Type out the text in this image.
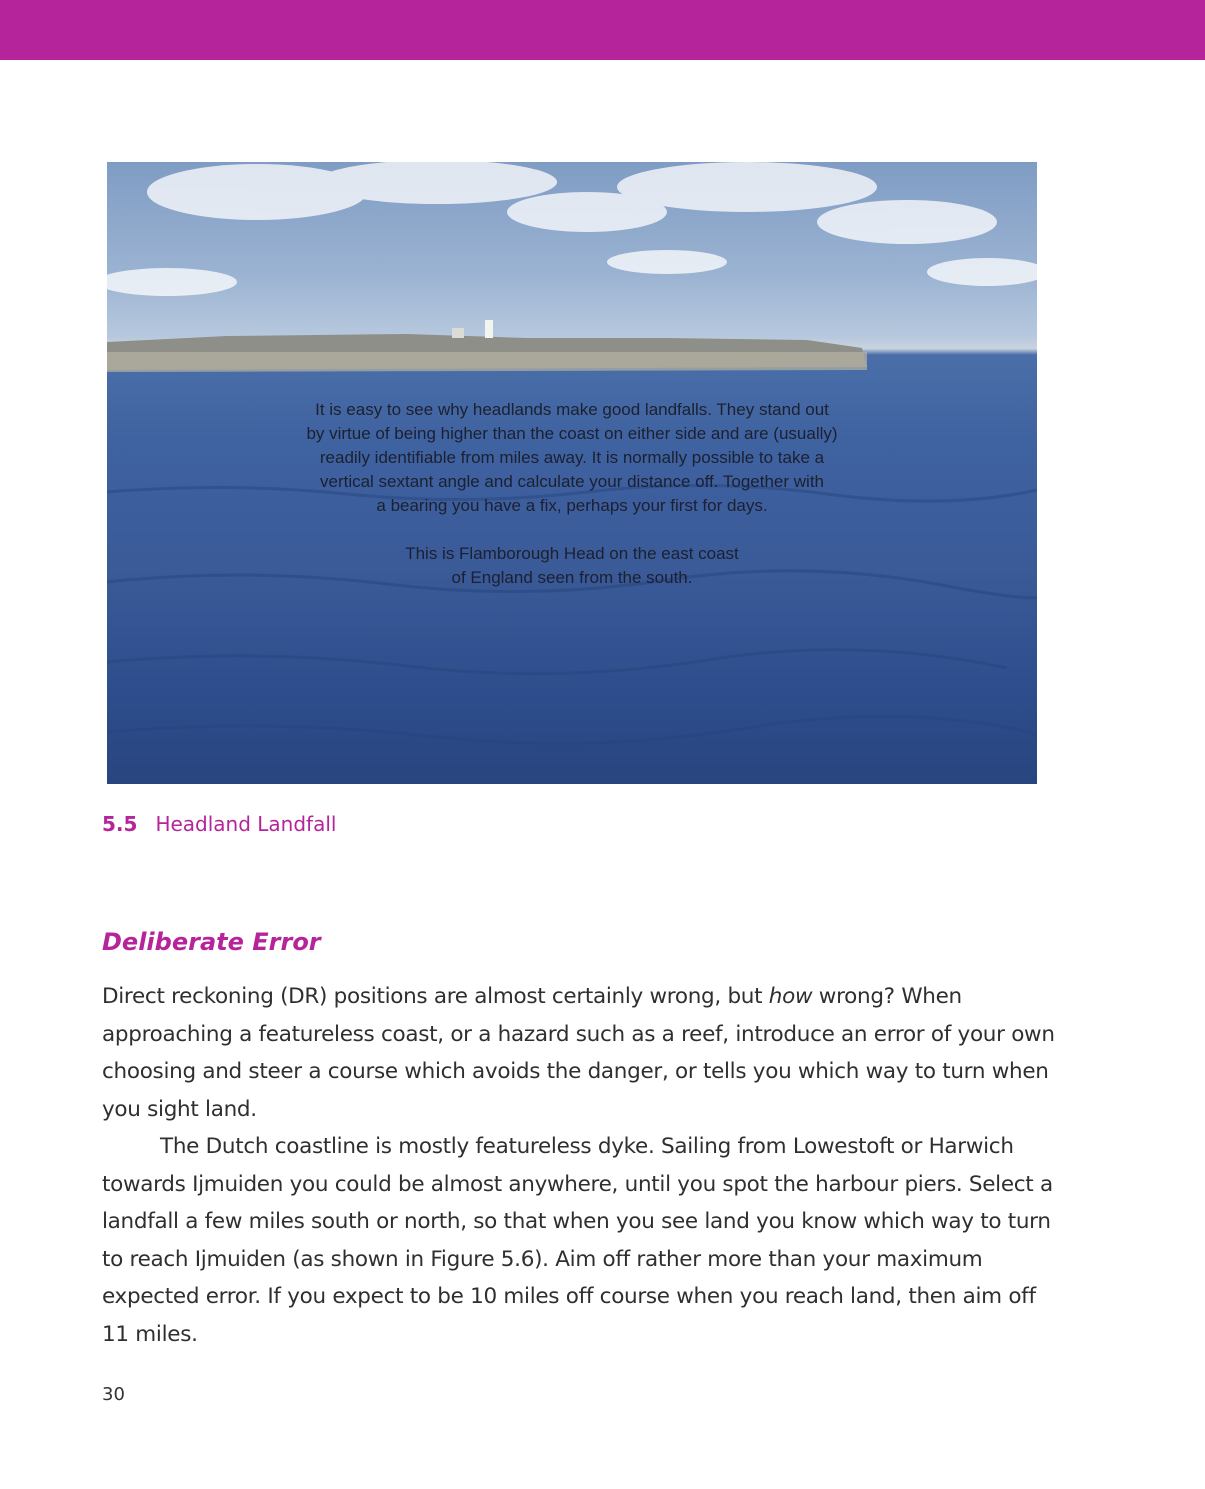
It is easy to see why headlands make good landfalls. They stand out
by virtue of being higher than the coast on either side and are (usually)
readily identifiable from miles away. It is normally possible to take a
vertical sextant angle and calculate your distance off. Together with
a bearing you have a fix, perhaps your first for days.

This is Flamborough Head on the east coast
of England seen from the south.

5.5 Headland Landfall
Deliberate Error

Direct reckoning (DR) positions are almost certainly wrong, but how wrong? When approaching a featureless coast, or a hazard such as a reef, introduce an error of your own choosing and steer a course which avoids the danger, or tells you which way to turn when you sight land.

The Dutch coastline is mostly featureless dyke. Sailing from Lowestoft or Harwich towards Ijmuiden you could be almost anywhere, until you spot the harbour piers. Select a landfall a few miles south or north, so that when you see land you know which way to turn to reach Ijmuiden (as shown in Figure 5.6). Aim off rather more than your maximum expected error. If you expect to be 10 miles off course when you reach land, then aim off 11 miles.

30
